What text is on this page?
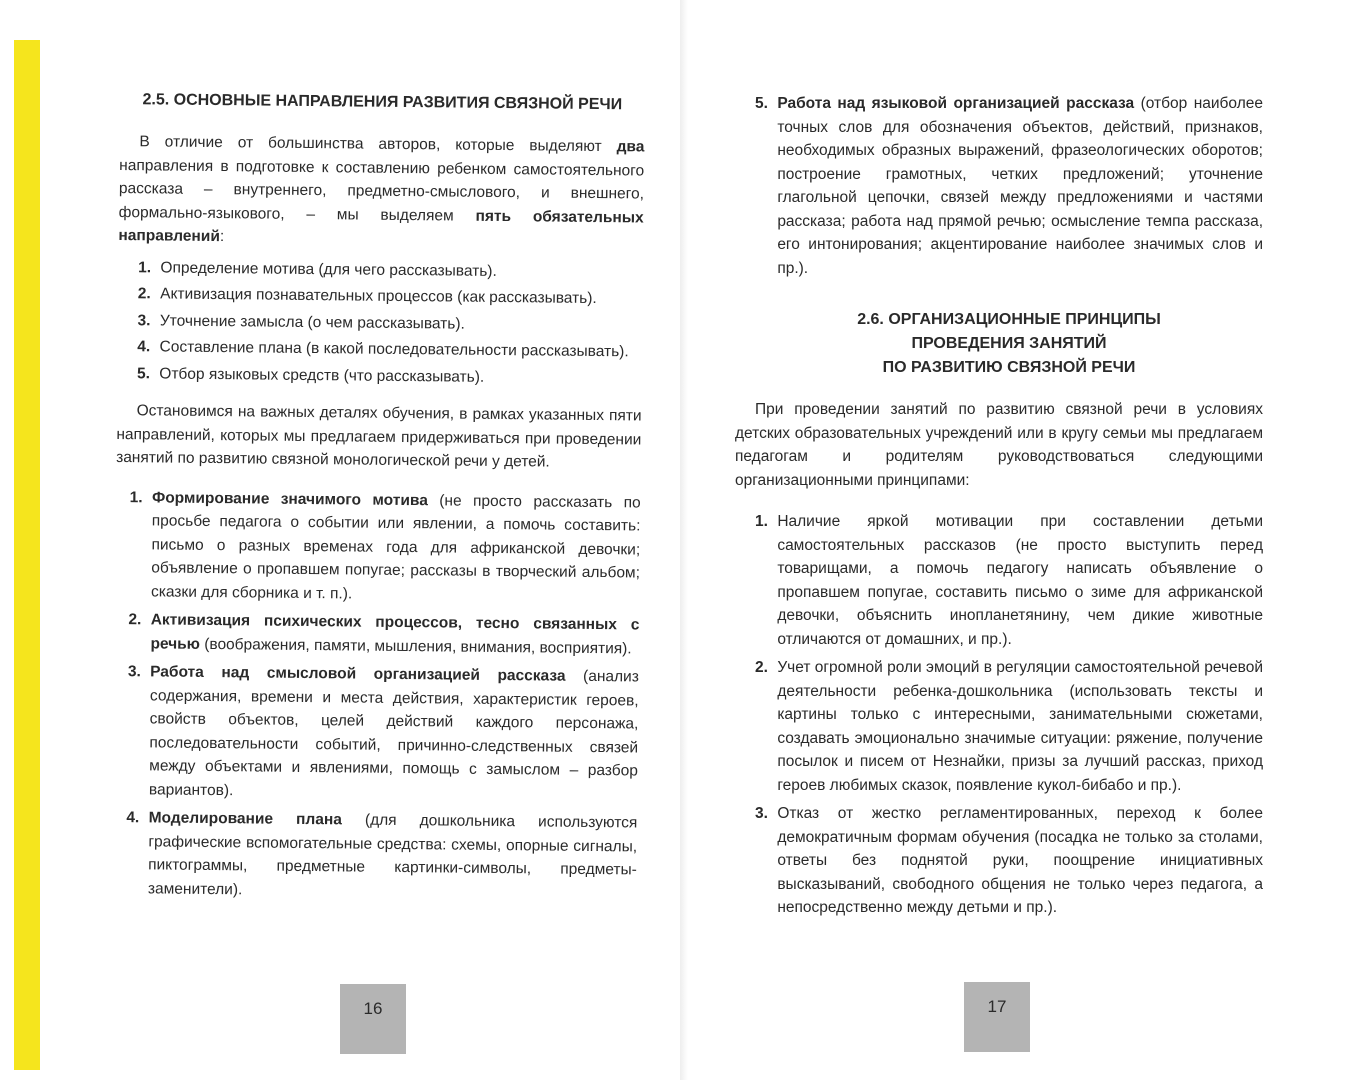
2.5. ОСНОВНЫЕ НАПРАВЛЕНИЯ РАЗВИТИЯ СВЯЗНОЙ РЕЧИ

В отличие от большинства авторов, которые выделяют два направления в подготовке к составлению ребенком самостоятельного рассказа – внутреннего, предметно-смыслового, и внешнего, формально-языкового, – мы выделяем пять обязательных направлений:

1.
Определение мотива (для чего рассказывать).
2.
Активизация познавательных процессов (как рассказывать).
3.
Уточнение замысла (о чем рассказывать).
4.
Составление плана (в какой последовательности рассказывать).
5.
Отбор языковых средств (что рассказывать).

Остановимся на важных деталях обучения, в рамках указанных пяти направлений, которых мы предлагаем придерживаться при проведении занятий по развитию связной монологической речи у детей.

1.
Формирование значимого мотива (не просто рассказать по просьбе педагога о событии или явлении, а помочь составить: письмо о разных временах года для африканской девочки; объявление о пропавшем попугае; рассказы в творческий альбом; сказки для сборника и т. п.).

2.
Активизация психических процессов, тесно связанных с речью (воображения, памяти, мышления, внимания, восприятия).

3.
Работа над смысловой организацией рассказа (анализ содержания, времени и места действия, характеристик героев, свойств объектов, целей действий каждого персонажа, последовательности событий, причинно-следственных связей между объектами и явлениями, помощь с замыслом – разбор вариантов).

4.
Моделирование плана (для дошкольника используются графические вспомогательные средства: схемы, опорные сигналы, пиктограммы, предметные картинки-символы, предметы-заменители).

16
5.
Работа над языковой организацией рассказа (отбор наиболее точных слов для обозначения объектов, действий, признаков, необходимых образных выражений, фразеологических оборотов; построение грамотных, четких предложений; уточнение глагольной цепочки, связей между предложениями и частями рассказа; работа над прямой речью; осмысление темпа рассказа, его интонирования; акцентирование наиболее значимых слов и пр.).

2.6. ОРГАНИЗАЦИОННЫЕ ПРИНЦИПЫ
ПРОВЕДЕНИЯ ЗАНЯТИЙ
ПО РАЗВИТИЮ СВЯЗНОЙ РЕЧИ

При проведении занятий по развитию связной речи в условиях детских образовательных учреждений или в кругу семьи мы предлагаем педагогам и родителям руководствоваться следующими организационными принципами:

1.
Наличие яркой мотивации при составлении детьми самостоятельных рассказов (не просто выступить перед товарищами, а помочь педагогу написать объявление о пропавшем попугае, составить письмо о зиме для африканской девочки, объяснить инопланетянину, чем дикие животные отличаются от домашних, и пр.).

2.
Учет огромной роли эмоций в регуляции самостоятельной речевой деятельности ребенка-дошкольника (использовать тексты и картины только с интересными, занимательными сюжетами, создавать эмоционально значимые ситуации: ряжение, получение посылок и писем от Незнайки, призы за лучший рассказ, приход героев любимых сказок, появление кукол-бибабо и пр.).

3.
Отказ от жестко регламентированных, переход к более демократичным формам обучения (посадка не только за столами, ответы без поднятой руки, поощрение инициативных высказываний, свободного общения не только через педагога, а непосредственно между детьми и пр.).

17
